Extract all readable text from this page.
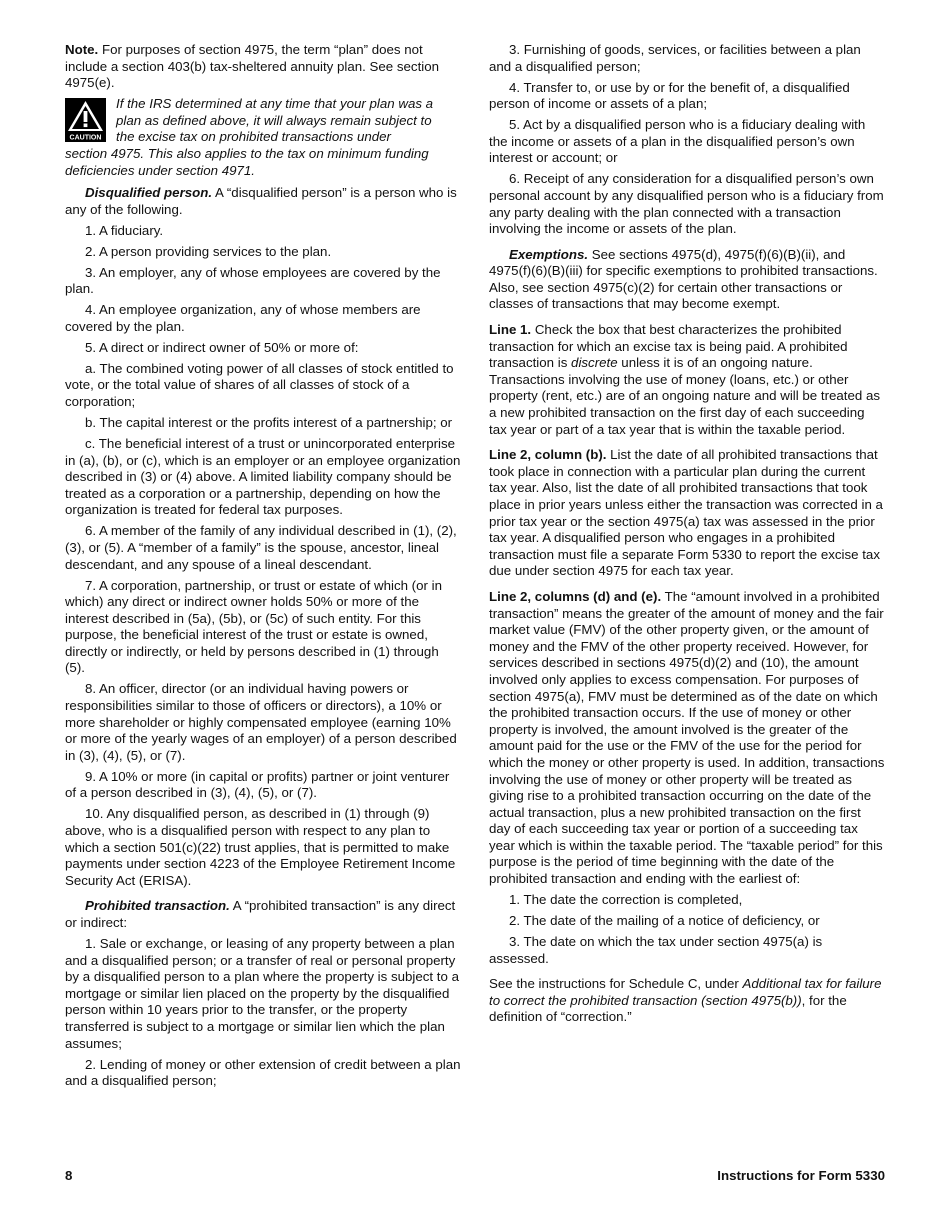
Note. For purposes of section 4975, the term “plan” does not include a section 403(b) tax-sheltered annuity plan. See section 4975(e).

CAUTION

If the IRS determined at any time that your plan was a

plan as defined above, it will always remain subject to

the excise tax on prohibited transactions under

section 4975. This also applies to the tax on minimum funding deficiencies under section 4971.

Disqualified person. A “disqualified person” is a person who is any of the following.

1. A fiduciary.

2. A person providing services to the plan.

3. An employer, any of whose employees are covered by the plan.

4. An employee organization, any of whose members are covered by the plan.

5. A direct or indirect owner of 50% or more of:

a. The combined voting power of all classes of stock entitled to vote, or the total value of shares of all classes of stock of a corporation;

b. The capital interest or the profits interest of a partnership; or

c. The beneficial interest of a trust or unincorporated enterprise in (a), (b), or (c), which is an employer or an employee organization described in (3) or (4) above. A limited liability company should be treated as a corporation or a partnership, depending on how the organization is treated for federal tax purposes.

6. A member of the family of any individual described in (1), (2), (3), or (5). A “member of a family” is the spouse, ancestor, lineal descendant, and any spouse of a lineal descendant.

7. A corporation, partnership, or trust or estate of which (or in which) any direct or indirect owner holds 50% or more of the interest described in (5a), (5b), or (5c) of such entity. For this purpose, the beneficial interest of the trust or estate is owned, directly or indirectly, or held by persons described in (1) through (5).

8. An officer, director (or an individual having powers or responsibilities similar to those of officers or directors), a 10% or more shareholder or highly compensated employee (earning 10% or more of the yearly wages of an employer) of a person described in (3), (4), (5), or (7).

9. A 10% or more (in capital or profits) partner or joint venturer of a person described in (3), (4), (5), or (7).

10. Any disqualified person, as described in (1) through (9) above, who is a disqualified person with respect to any plan to which a section 501(c)(22) trust applies, that is permitted to make payments under section 4223 of the Employee Retirement Income Security Act (ERISA).

Prohibited transaction. A “prohibited transaction” is any direct or indirect:

1. Sale or exchange, or leasing of any property between a plan and a disqualified person; or a transfer of real or personal property by a disqualified person to a plan where the property is subject to a mortgage or similar lien placed on the property by the disqualified person within 10 years prior to the transfer, or the property transferred is subject to a mortgage or similar lien which the plan assumes;

2. Lending of money or other extension of credit between a plan and a disqualified person;

3. Furnishing of goods, services, or facilities between a plan and a disqualified person;

4. Transfer to, or use by or for the benefit of, a disqualified person of income or assets of a plan;

5. Act by a disqualified person who is a fiduciary dealing with the income or assets of a plan in the disqualified person’s own interest or account; or

6. Receipt of any consideration for a disqualified person’s own personal account by any disqualified person who is a fiduciary from any party dealing with the plan connected with a transaction involving the income or assets of the plan.

Exemptions. See sections 4975(d), 4975(f)(6)(B)(ii), and 4975(f)(6)(B)(iii) for specific exemptions to prohibited transactions. Also, see section 4975(c)(2) for certain other transactions or classes of transactions that may become exempt.

Line 1. Check the box that best characterizes the prohibited transaction for which an excise tax is being paid. A prohibited transaction is discrete unless it is of an ongoing nature. Transactions involving the use of money (loans, etc.) or other property (rent, etc.) are of an ongoing nature and will be treated as a new prohibited transaction on the first day of each succeeding tax year or part of a tax year that is within the taxable period.

Line 2, column (b). List the date of all prohibited transactions that took place in connection with a particular plan during the current tax year. Also, list the date of all prohibited transactions that took place in prior years unless either the transaction was corrected in a prior tax year or the section 4975(a) tax was assessed in the prior tax year. A disqualified person who engages in a prohibited transaction must file a separate Form 5330 to report the excise tax due under section 4975 for each tax year.

Line 2, columns (d) and (e). The “amount involved in a prohibited transaction” means the greater of the amount of money and the fair market value (FMV) of the other property given, or the amount of money and the FMV of the other property received. However, for services described in sections 4975(d)(2) and (10), the amount involved only applies to excess compensation. For purposes of section 4975(a), FMV must be determined as of the date on which the prohibited transaction occurs. If the use of money or other property is involved, the amount involved is the greater of the amount paid for the use or the FMV of the use for the period for which the money or other property is used. In addition, transactions involving the use of money or other property will be treated as giving rise to a prohibited transaction occurring on the date of the actual transaction, plus a new prohibited transaction on the first day of each succeeding tax year or portion of a succeeding tax year which is within the taxable period. The “taxable period” for this purpose is the period of time beginning with the date of the prohibited transaction and ending with the earliest of:

1. The date the correction is completed,

2. The date of the mailing of a notice of deficiency, or

3. The date on which the tax under section 4975(a) is assessed.

See the instructions for Schedule C, under Additional tax for failure to correct the prohibited transaction (section 4975(b)), for the definition of “correction.”

8	Instructions for Form 5330
